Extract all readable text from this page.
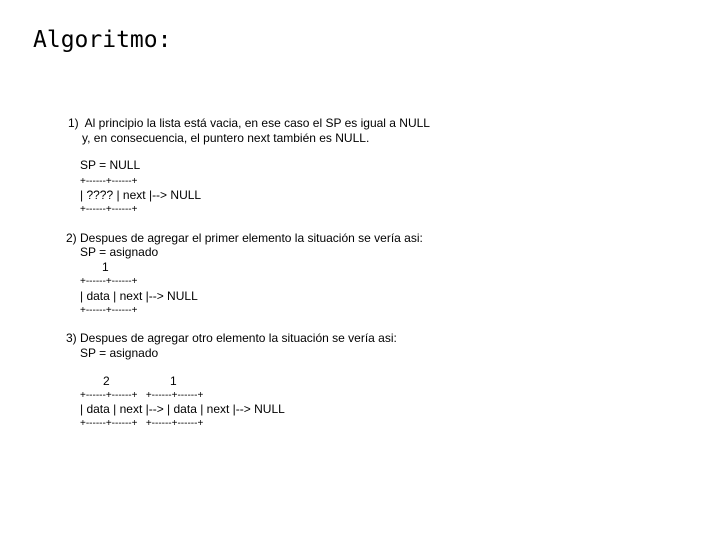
Algoritmo:
1)  Al principio la lista está vacia, en ese caso el SP es igual a NULL
y, en consecuencia, el puntero next también es NULL.
SP = NULL
+------+------+
| ???? | next |--> NULL
+------+------+
2) Despues de agregar el primer elemento la situación se vería asi:
SP = asignado
1
+------+------+
| data | next |--> NULL
+------+------+
3) Despues de agregar otro elemento la situación se vería asi:
SP = asignado
2	1
+------+------+   +------+------+
| data | next |--> | data | next |--> NULL
+------+------+   +------+------+
